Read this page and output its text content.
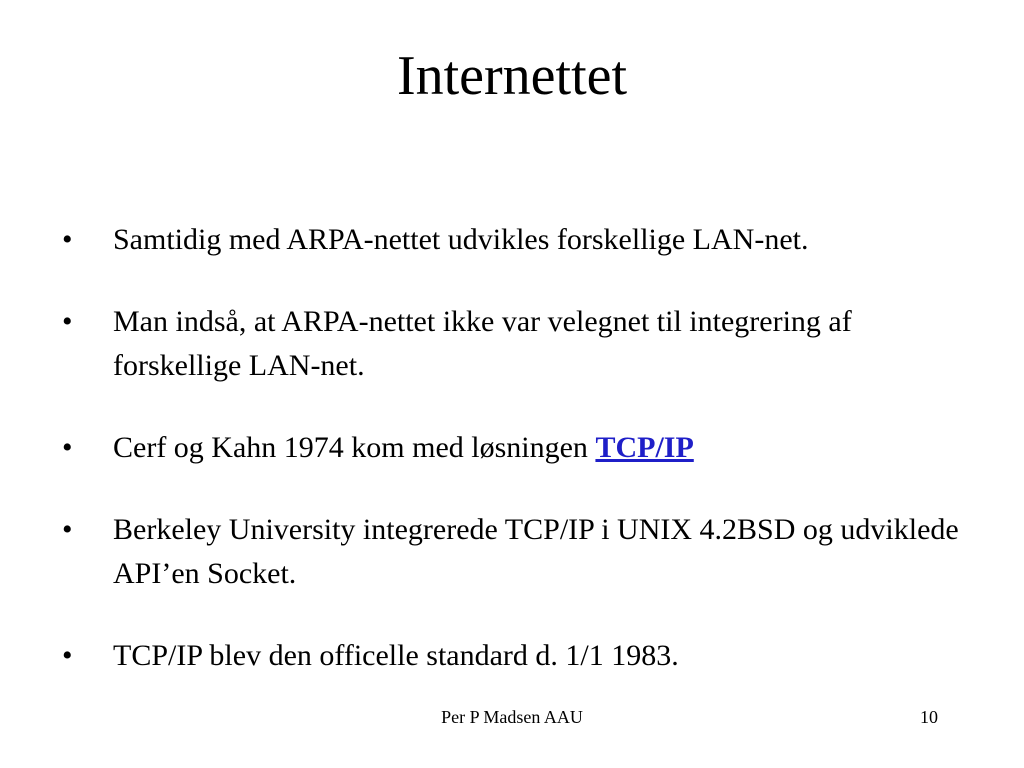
Internettet
• Samtidig med ARPA-nettet udvikles forskellige LAN-net.
• Man indså, at ARPA-nettet ikke var velegnet til integrering af forskellige LAN-net.
• Cerf og Kahn 1974 kom med løsningen TCP/IP
• Berkeley University integrerede TCP/IP i UNIX 4.2BSD og udviklede API’en Socket.
• TCP/IP blev den officelle standard d. 1/1 1983.
Per P Madsen AAU	10
